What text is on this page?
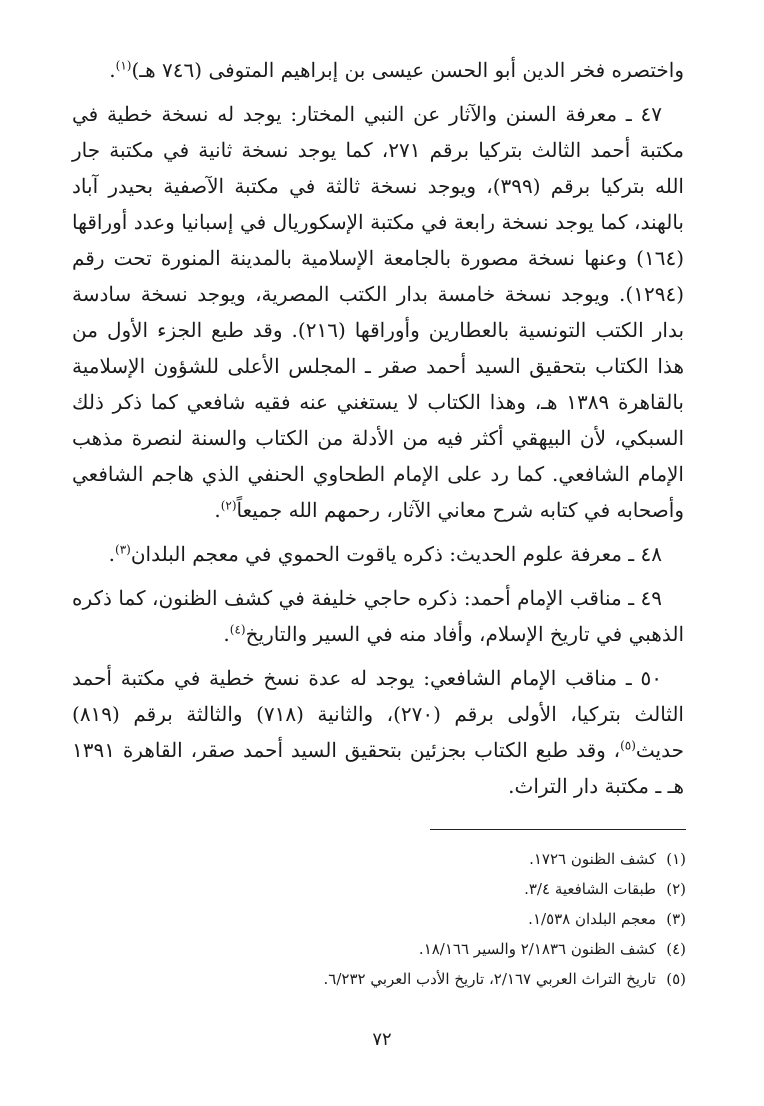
واختصره فخر الدين أبو الحسن عيسى بن إبراهيم المتوفى (٧٤٦ هـ)$^{(١)}$.

٤٧ ـ معرفة السنن والآثار عن النبي المختار: يوجد له نسخة خطية في مكتبة أحمد الثالث بتركيا برقم ٢٧١، كما يوجد نسخة ثانية في مكتبة جار الله بتركيا برقم (٣٩٩)، ويوجد نسخة ثالثة في مكتبة الآصفية بحيدر آباد بالهند، كما يوجد نسخة رابعة في مكتبة الإسكوريال في إسبانيا وعدد أوراقها (١٦٤) وعنها نسخة مصورة بالجامعة الإسلامية بالمدينة المنورة تحت رقم (١٢٩٤). ويوجد نسخة خامسة بدار الكتب المصرية، ويوجد نسخة سادسة بدار الكتب التونسية بالعطارين وأوراقها (٢١٦). وقد طبع الجزء الأول من هذا الكتاب بتحقيق السيد أحمد صقر ـ المجلس الأعلى للشؤون الإسلامية بالقاهرة ١٣٨٩ هـ، وهذا الكتاب لا يستغني عنه فقيه شافعي كما ذكر ذلك السبكي، لأن البيهقي أكثر فيه من الأدلة من الكتاب والسنة لنصرة مذهب الإمام الشافعي. كما رد على الإمام الطحاوي الحنفي الذي هاجم الشافعي وأصحابه في كتابه شرح معاني الآثار، رحمهم الله جميعاً$^{(٢)}$.

٤٨ ـ معرفة علوم الحديث: ذكره ياقوت الحموي في معجم البلدان$^{(٣)}$.

٤٩ ـ مناقب الإمام أحمد: ذكره حاجي خليفة في كشف الظنون، كما ذكره الذهبي في تاريخ الإسلام، وأفاد منه في السير والتاريخ$^{(٤)}$.

٥٠ ـ مناقب الإمام الشافعي: يوجد له عدة نسخ خطية في مكتبة أحمد الثالث بتركيا، الأولى برقم (٢٧٠)، والثانية (٧١٨) والثالثة برقم (٨١٩) حديث$^{(٥)}$، وقد طبع الكتاب بجزئين بتحقيق السيد أحمد صقر، القاهرة ١٣٩١ هـ ـ مكتبة دار التراث.

(١)كشف الظنون ١٧٢٦.
(٢)طبقات الشافعية ٣/٤.
(٣)معجم البلدان ١/٥٣٨.
(٤)كشف الظنون ٢/١٨٣٦ والسير ١٨/١٦٦.
(٥)تاريخ التراث العربي ٢/١٦٧، تاريخ الأدب العربي ٦/٢٣٢.
٧٢
